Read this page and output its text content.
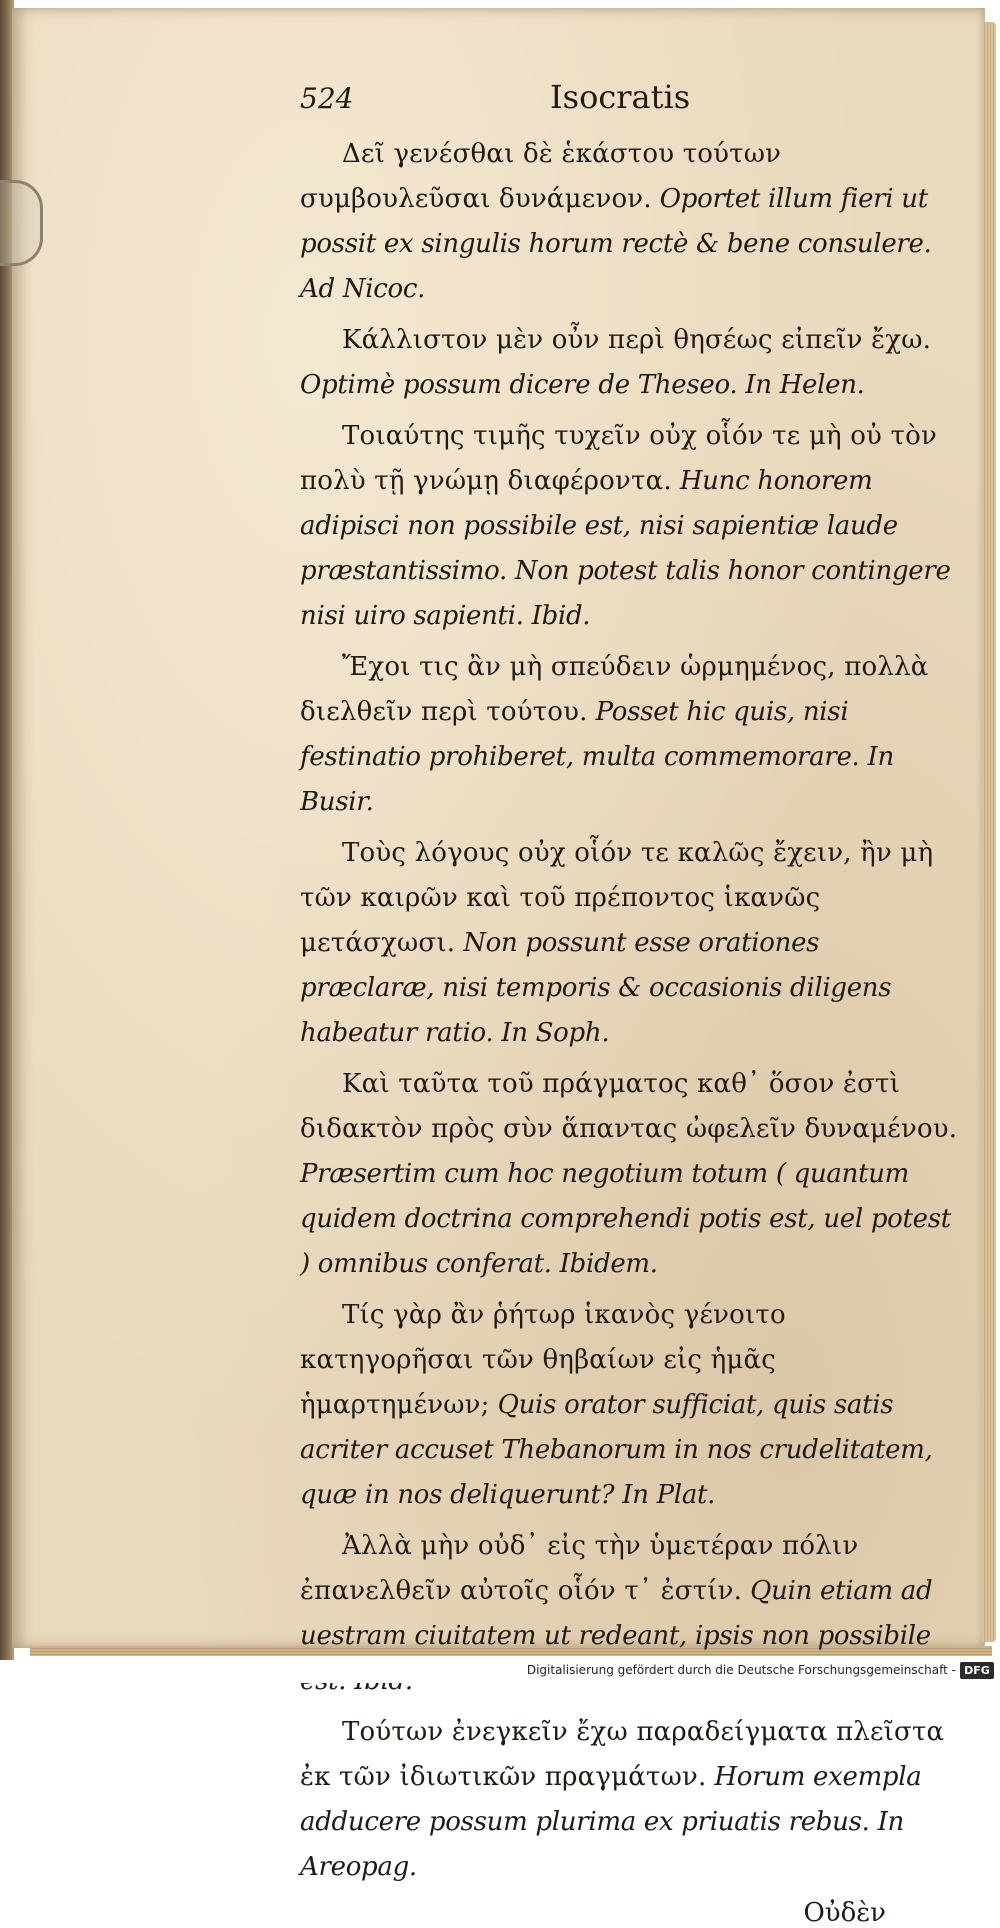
524	Isocratis

Δεῖ γενέσθαι δὲ ἑκάστου τούτων συμβουλεῦσαι δυνάμενον. Oportet illum fieri ut possit ex singulis horum rectè & bene consulere. Ad Nicoc.

Κάλλιστον μὲν οὖν περὶ θησέως εἰπεῖν ἔχω. Optimè possum dicere de Theseo. In Helen.

Τοιαύτης τιμῆς τυχεῖν οὐχ οἷόν τε μὴ οὐ τὸν πολὺ τῇ γνώμῃ διαφέροντα. Hunc honorem adipisci non possibile est, nisi sapientiæ laude præstantissimo. Non potest talis honor contingere nisi uiro sapienti. Ibid.

Ἔχοι τις ἂν μὴ σπεύδειν ὡρμημένος, πολλὰ διελθεῖν περὶ τούτου. Posset hic quis, nisi festinatio prohiberet, multa commemorare. In Busir.

Τοὺς λόγους οὐχ οἷόν τε καλῶς ἔχειν, ἢν μὴ τῶν καιρῶν καὶ τοῦ πρέποντος ἱκανῶς μετάσχωσι. Non possunt esse orationes præclaræ, nisi temporis & occasionis diligens habeatur ratio. In Soph.

Καὶ ταῦτα τοῦ πράγματος καθ᾽ ὅσον ἐστὶ διδακτὸν πρὸς σὺν ἅπαντας ὠφελεῖν δυναμένου. Præsertim cum hoc negotium totum ( quantum quidem doctrina comprehendi potis est, uel potest ) omnibus conferat. Ibidem.

Τίς γὰρ ἂν ῥήτωρ ἱκανὸς γένοιτο κατηγορῆσαι τῶν θηβαίων εἰς ἡμᾶς ἡμαρτημένων; Quis orator sufficiat, quis satis acriter accuset Thebanorum in nos crudelitatem, quæ in nos deliquerunt? In Plat.

Ἀλλὰ μὴν οὐδ᾽ εἰς τὴν ὑμετέραν πόλιν ἐπανελθεῖν αὐτοῖς οἷόν τ᾽ ἐστίν. Quin etiam ad uestram ciuitatem ut redeant, ipsis non possibile

Τούτων ἐνεγκεῖν ἔχω παραδείγματα πλεῖστα ἐκ τῶν ἰδιωτικῶν πραγμάτων. Horum exempla adducere possum plurima ex priuatis rebus. In Areopag.

Οὐδὲν
Digitalisierung gefördert durch die Deutsche Forschungsgemeinschaft - DFG
